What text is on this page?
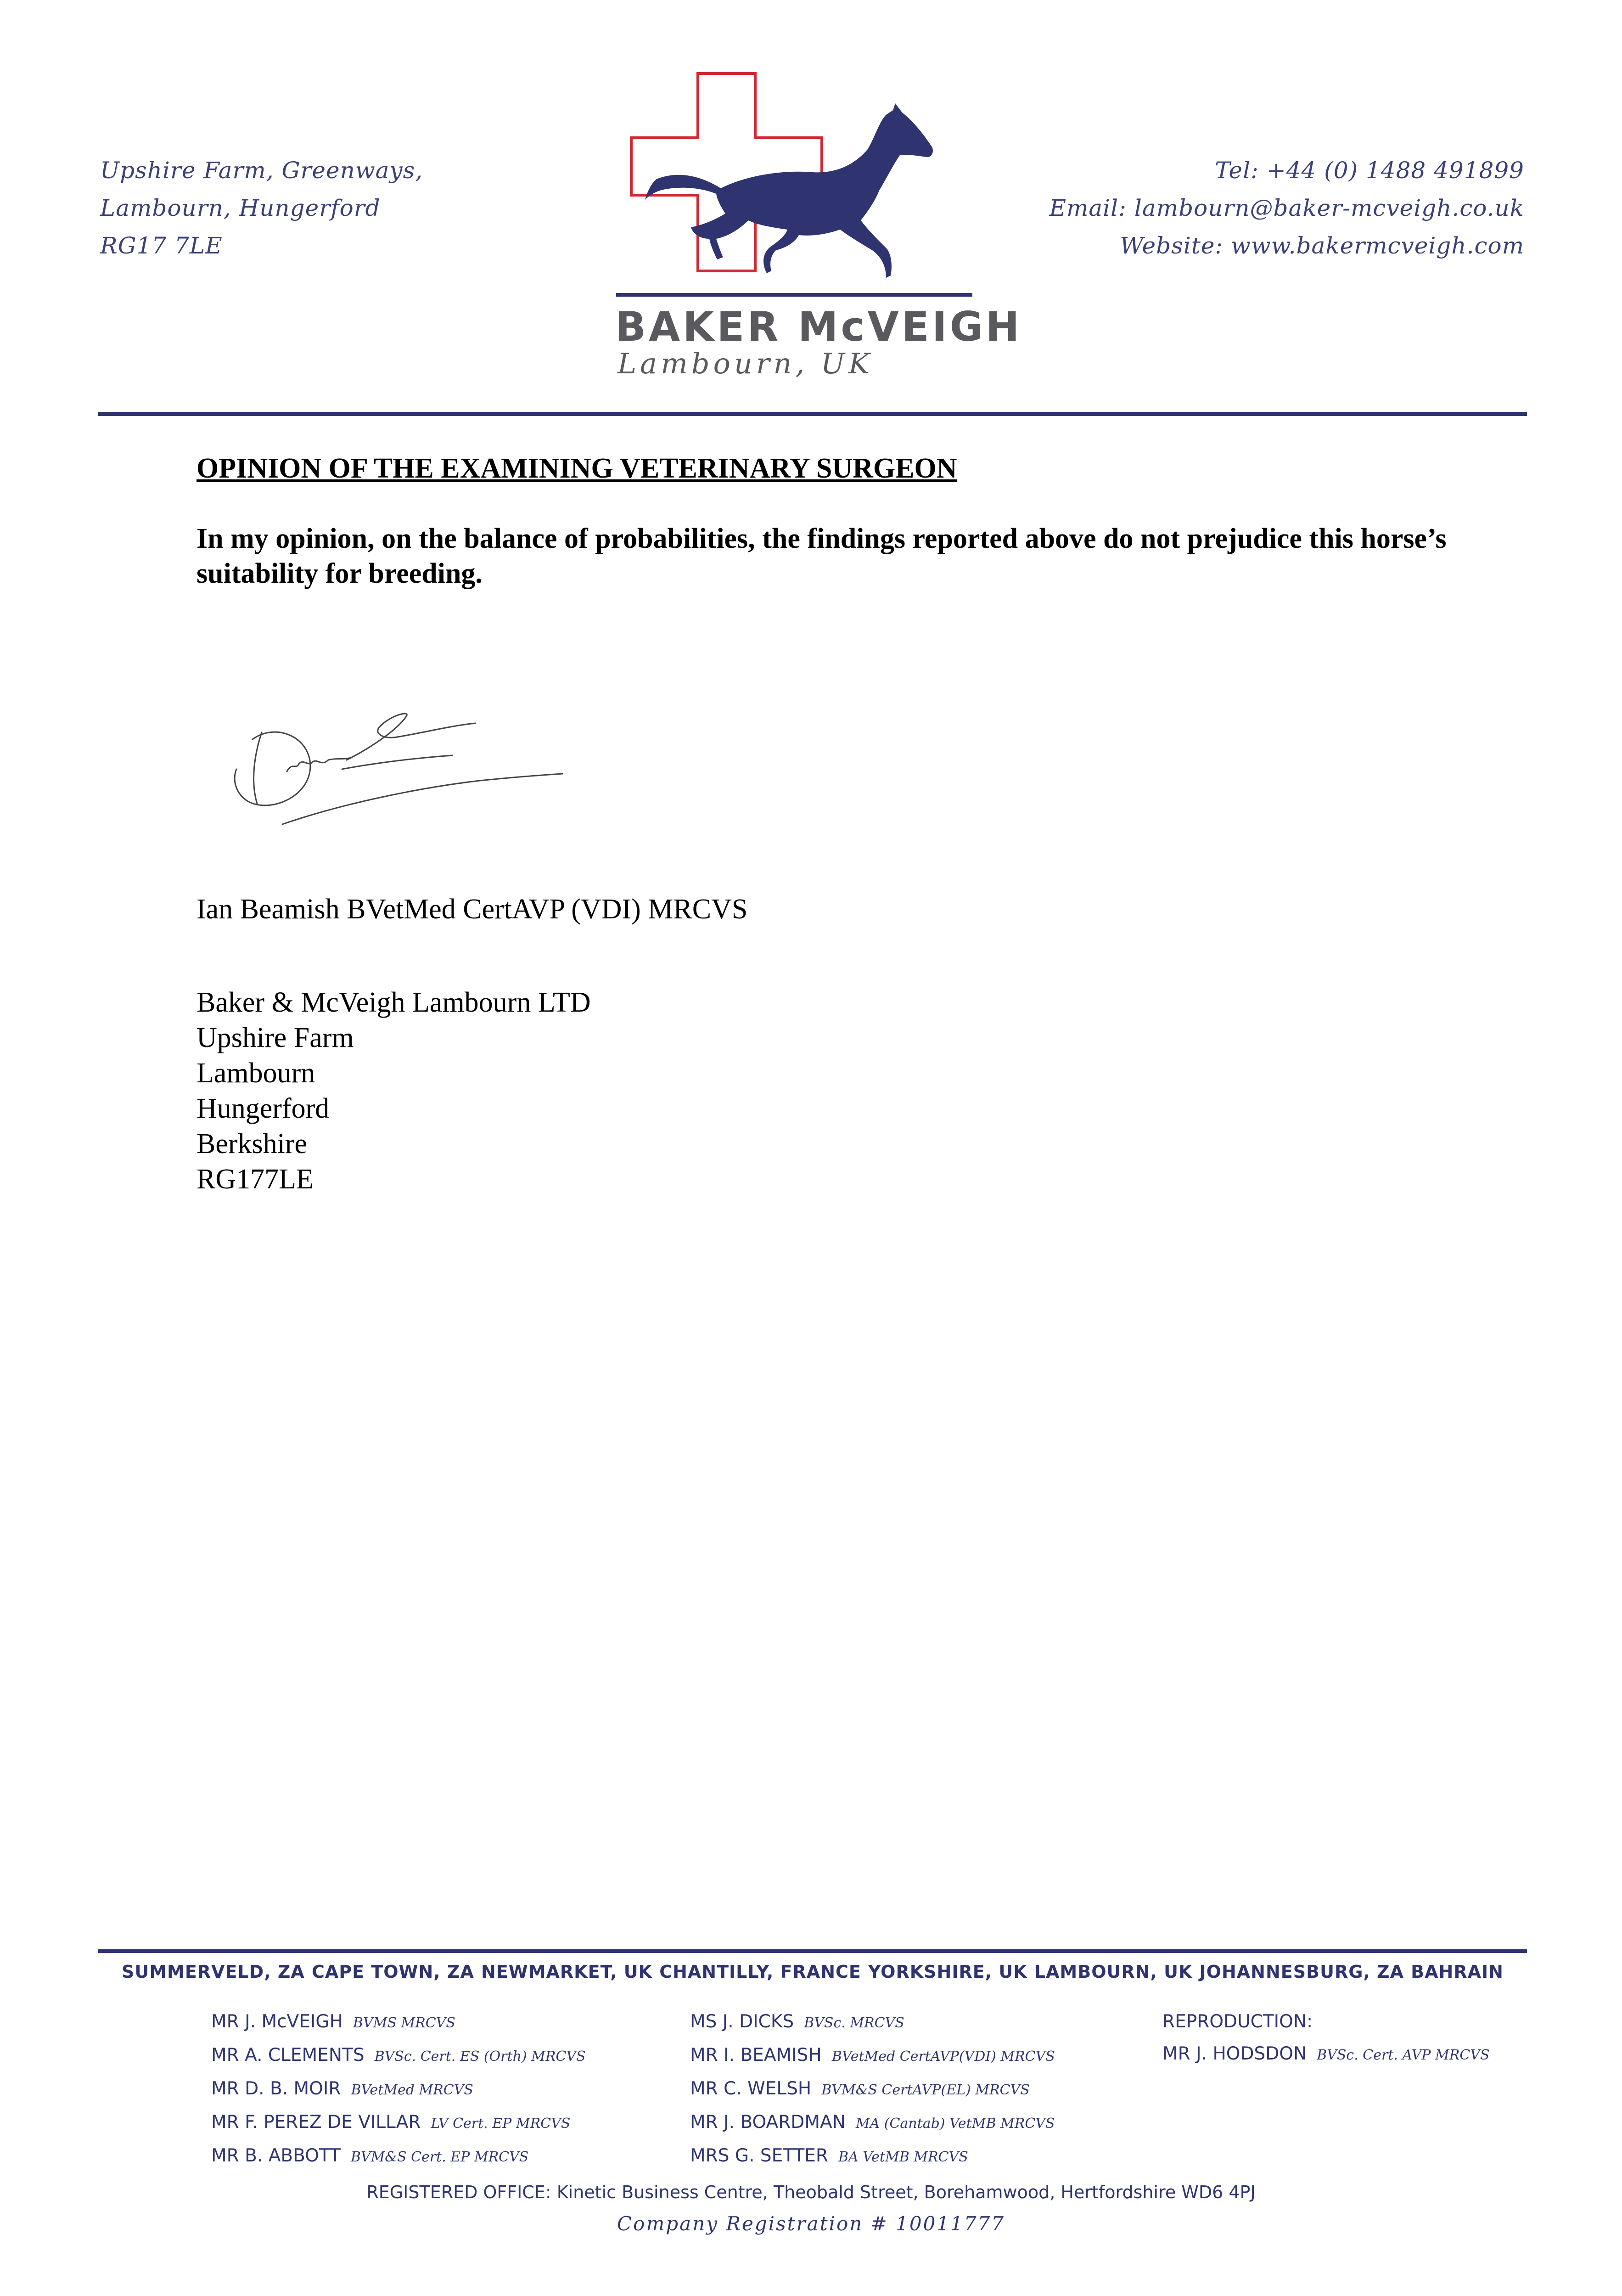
Upshire Farm, Greenways,
Lambourn, Hungerford
RG17 7LE
BAKER McVEIGH
Lambourn, UK
Tel: +44 (0) 1488 491899
Email: lambourn@baker-mcveigh.co.uk
Website: www.bakermcveigh.com
OPINION OF THE EXAMINING VETERINARY SURGEON
In my opinion, on the balance of probabilities, the findings reported above do not prejudice this horse’s suitability for breeding.
Ian Beamish BVetMed CertAVP (VDI) MRCVS
Baker & McVeigh Lambourn LTD
Upshire Farm
Lambourn
Hungerford
Berkshire
RG177LE
SUMMERVELD, ZA CAPE TOWN, ZA NEWMARKET, UK CHANTILLY, FRANCE YORKSHIRE, UK LAMBOURN, UK JOHANNESBURG, ZA BAHRAIN
MR J. McVEIGH BVMS MRCVS
MR A. CLEMENTS BVSc. Cert. ES (Orth) MRCVS
MR D. B. MOIR BVetMed MRCVS
MR F. PEREZ DE VILLAR LV Cert. EP MRCVS
MR B. ABBOTT BVM&S Cert. EP MRCVS
MS J. DICKS BVSc. MRCVS
MR I. BEAMISH BVetMed CertAVP(VDI) MRCVS
MR C. WELSH BVM&S CertAVP(EL) MRCVS
MR J. BOARDMAN MA (Cantab) VetMB MRCVS
MRS G. SETTER BA VetMB MRCVS
REPRODUCTION:
MR J. HODSDON BVSc. Cert. AVP MRCVS
REGISTERED OFFICE: Kinetic Business Centre, Theobald Street, Borehamwood, Hertfordshire WD6 4PJ
Company Registration # 10011777
